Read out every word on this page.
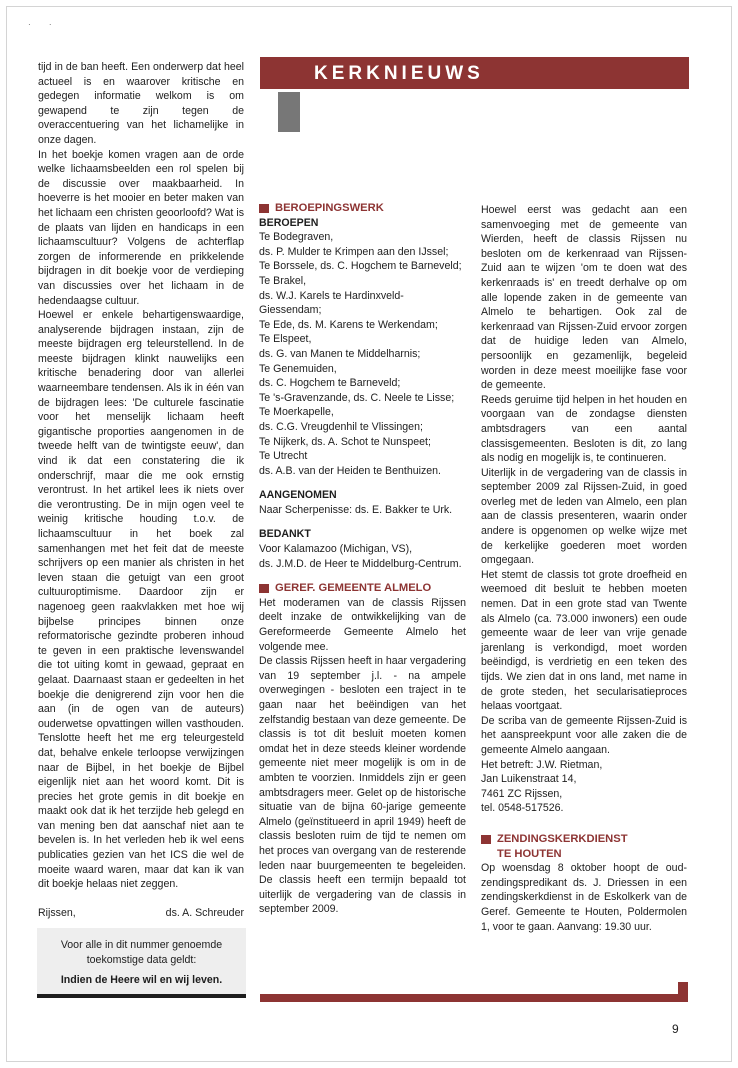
· ·

tijd in de ban heeft. Een onderwerp dat heel actueel is en waarover kritische en gedegen informatie welkom is om gewapend te zijn tegen de overaccentuering van het lichamelijke in onze dagen.

In het boekje komen vragen aan de orde welke lichaamsbeelden een rol spelen bij de discussie over maakbaarheid. In hoeverre is het mooier en beter maken van het lichaam een christen geoorloofd? Wat is de plaats van lijden en handicaps in een lichaamscultuur? Volgens de achterflap zorgen de informerende en prikkelende bijdragen in dit boekje voor de verdieping van discussies over het lichaam in de hedendaagse cultuur.

Hoewel er enkele behartigenswaardige, analyserende bijdragen instaan, zijn de meeste bijdragen erg teleurstellend. In de meeste bijdragen klinkt nauwelijks een kritische benadering door van allerlei waarneembare tendensen. Als ik in één van de bijdragen lees: 'De culturele fascinatie voor het menselijk lichaam heeft gigantische proporties aangenomen in de tweede helft van de twintigste eeuw', dan vind ik dat een constatering die ik onderschrijf, maar die me ook ernstig verontrust. In het artikel lees ik niets over die verontrusting. De in mijn ogen veel te weinig kritische houding t.o.v. de lichaamscultuur in het boek zal samenhangen met het feit dat de meeste schrijvers op een manier als christen in het leven staan die getuigt van een groot cultuuroptimisme. Daardoor zijn er nagenoeg geen raakvlakken met hoe wij bijbelse principes binnen onze reformatorische gezindte proberen inhoud te geven in een praktische levenswandel die tot uiting komt in gewaad, gepraat en gelaat. Daarnaast staan er gedeelten in het boekje die denigrerend zijn voor hen die aan (in de ogen van de auteurs) ouderwetse opvattingen willen vasthouden. Tenslotte heeft het me erg teleurgesteld dat, behalve enkele terloopse verwijzingen naar de Bijbel, in het boekje de Bijbel eigenlijk niet aan het woord komt. Dit is precies het grote gemis in dit boekje en maakt ook dat ik het terzijde heb gelegd en van mening ben dat aanschaf niet aan te bevelen is. In het verleden heb ik wel eens publicaties gezien van het ICS die wel de moeite waard waren, maar dat kan ik van dit boekje helaas niet zeggen.

Rijssen,	ds. A. Schreuder
Voor alle in dit nummer genoemde
toekomstige data geldt:
Indien de Heere wil en wij leven.
KERKNIEUWS
BEROEPINGSWERK
BEROEPEN
Te Bodegraven,
ds. P. Mulder te Krimpen aan den IJssel;
Te Borssele, ds. C. Hogchem te Barneveld;
Te Brakel,
ds. W.J. Karels te Hardinxveld-Giessendam;
Te Ede, ds. M. Karens te Werkendam;
Te Elspeet,
ds. G. van Manen te Middelharnis;
Te Genemuiden,
ds. C. Hogchem te Barneveld;
Te 's-Gravenzande, ds. C. Neele te Lisse;
Te Moerkapelle,
ds. C.G. Vreugdenhil te Vlissingen;
Te Nijkerk, ds. A. Schot te Nunspeet;
Te Utrecht
ds. A.B. van der Heiden te Benthuizen.
AANGENOMEN
Naar Scherpenisse: ds. E. Bakker te Urk.
BEDANKT
Voor Kalamazoo (Michigan, VS),
ds. J.M.D. de Heer te Middelburg-Centrum.
GEREF. GEMEENTE ALMELO

Het moderamen van de classis Rijssen deelt inzake de ontwikkelijking van de Gereformeerde Gemeente Almelo het volgende mee.

De classis Rijssen heeft in haar vergadering van 19 september j.l. - na ampele overwegingen - besloten een traject in te gaan naar het beëindigen van het zelfstandig bestaan van deze gemeente. De classis is tot dit besluit moeten komen omdat het in deze steeds kleiner wordende gemeente niet meer mogelijk is om in de ambten te voorzien. Inmiddels zijn er geen ambtsdragers meer. Gelet op de historische situatie van de bijna 60-jarige gemeente Almelo (geïnstitueerd in april 1949) heeft de classis besloten ruim de tijd te nemen om het proces van overgang van de resterende leden naar buurgemeenten te begeleiden. De classis heeft een termijn bepaald tot uiterlijk de vergadering van de classis in september 2009.

Hoewel eerst was gedacht aan een samenvoeging met de gemeente van Wierden, heeft de classis Rijssen nu besloten om de kerkenraad van Rijssen-Zuid aan te wijzen 'om te doen wat des kerkenraads is' en treedt derhalve op om alle lopende zaken in de gemeente van Almelo te behartigen. Ook zal de kerkenraad van Rijssen-Zuid ervoor zorgen dat de huidige leden van Almelo, persoonlijk en gezamenlijk, begeleid worden in deze meest moeilijke fase voor de gemeente.

Reeds geruime tijd helpen in het houden en voorgaan van de zondagse diensten ambtsdragers van een aantal classisgemeenten. Besloten is dit, zo lang als nodig en mogelijk is, te continueren.

Uiterlijk in de vergadering van de classis in september 2009 zal Rijssen-Zuid, in goed overleg met de leden van Almelo, een plan aan de classis presenteren, waarin onder andere is opgenomen op welke wijze met de kerkelijke goederen moet worden omgegaan.

Het stemt de classis tot grote droefheid en weemoed dit besluit te hebben moeten nemen. Dat in een grote stad van Twente als Almelo (ca. 73.000 inwoners) een oude gemeente waar de leer van vrije genade jarenlang is verkondigd, moet worden beëindigd, is verdrietig en een teken des tijds. We zien dat in ons land, met name in de grote steden, het secularisatieproces helaas voortgaat.

De scriba van de gemeente Rijssen-Zuid is het aanspreekpunt voor alle zaken die de gemeente Almelo aangaan.

Het betreft: J.W. Rietman,
Jan Luikenstraat 14,
7461 ZC Rijssen,
tel. 0548-517526.
ZENDINGSKERKDIENST
TE HOUTEN

Op woensdag 8 oktober hoopt de oud-zendingspredikant ds. J. Driessen in een zendingskerkdienst in de Eskolkerk van de Geref. Gemeente te Houten, Poldermolen 1, voor te gaan. Aanvang: 19.30 uur.

9
